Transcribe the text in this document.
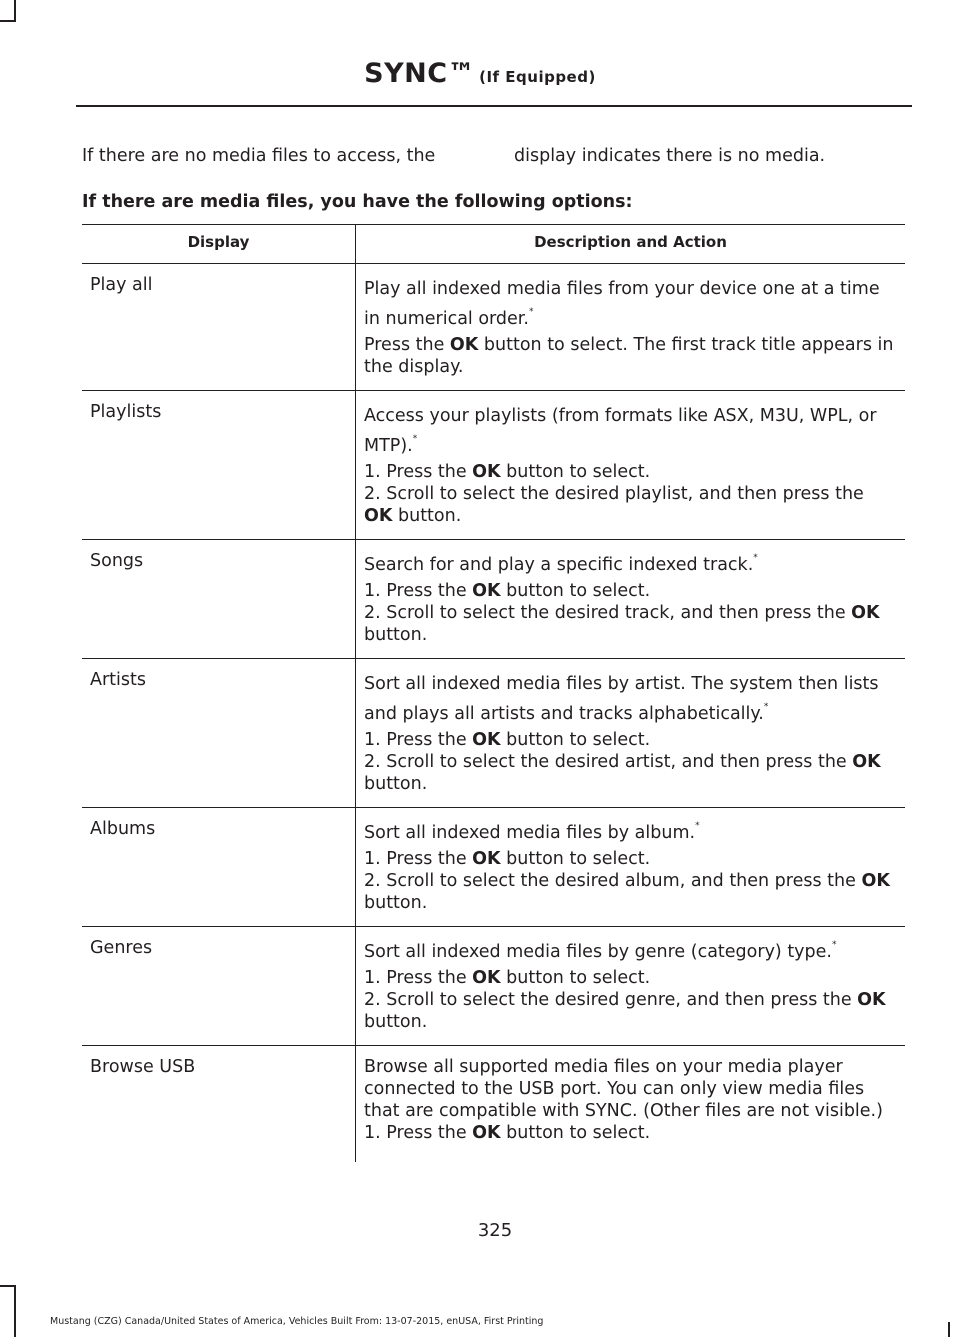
SYNC™ (If Equipped)
If there are no media files to access, the	display indicates there is no media.
If there are media files, you have the following options:
Display	Description and Action
Play all	Play all indexed media files from your device one at a time in numerical order.*
Press the OK button to select. The first track title appears in the display.

Playlists	Access your playlists (from formats like ASX, M3U, WPL, or MTP).*
1. Press the OK button to select.
2. Scroll to select the desired playlist, and then press the OK button.

Songs	Search for and play a specific indexed track.*
1. Press the OK button to select.
2. Scroll to select the desired track, and then press the OK button.

Artists	Sort all indexed media files by artist. The system then lists and plays all artists and tracks alphabetically.*
1. Press the OK button to select.
2. Scroll to select the desired artist, and then press the OK button.

Albums	Sort all indexed media files by album.*
1. Press the OK button to select.
2. Scroll to select the desired album, and then press the OK button.

Genres	Sort all indexed media files by genre (category) type.*
1. Press the OK button to select.
2. Scroll to select the desired genre, and then press the OK button.

Browse USB	Browse all supported media files on your media player connected to the USB port. You can only view media files that are compatible with SYNC. (Other files are not visible.)
1. Press the OK button to select.
325
Mustang (CZG) Canada/United States of America, Vehicles Built From: 13-07-2015, enUSA, First Printing
